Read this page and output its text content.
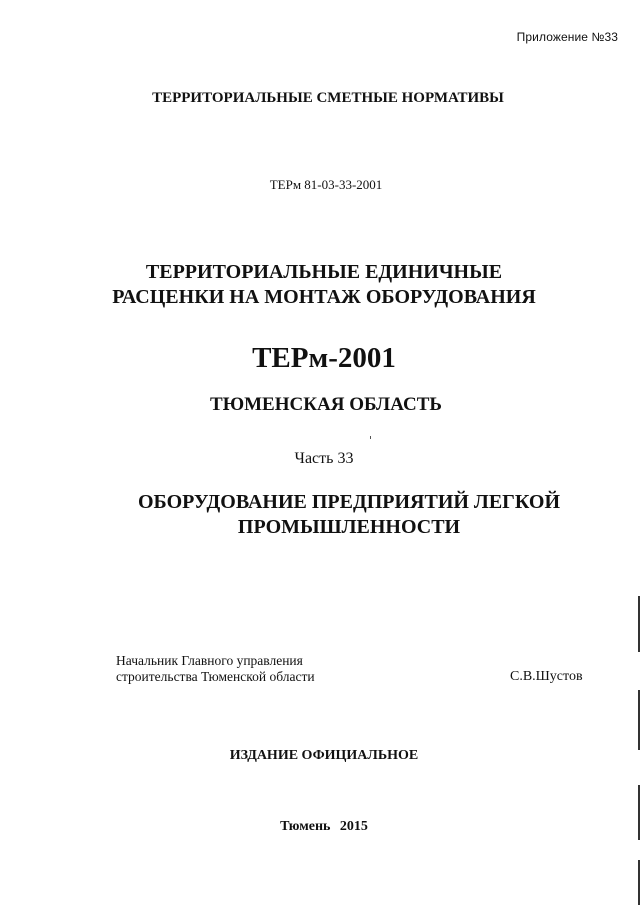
Приложение №33
ТЕРРИТОРИАЛЬНЫЕ СМЕТНЫЕ НОРМАТИВЫ
ТЕРм 81-03-33-2001
ТЕРРИТОРИАЛЬНЫЕ ЕДИНИЧНЫЕ
РАСЦЕНКИ НА МОНТАЖ ОБОРУДОВАНИЯ
ТЕРм-2001
ТЮМЕНСКАЯ ОБЛАСТЬ
Часть 33
ОБОРУДОВАНИЕ ПРЕДПРИЯТИЙ ЛЕГКОЙ
ПРОМЫШЛЕННОСТИ
Начальник Главного управления
строительства Тюменской области	С.В.Шустов
ИЗДАНИЕ ОФИЦИАЛЬНОЕ
Тюмень 2015
